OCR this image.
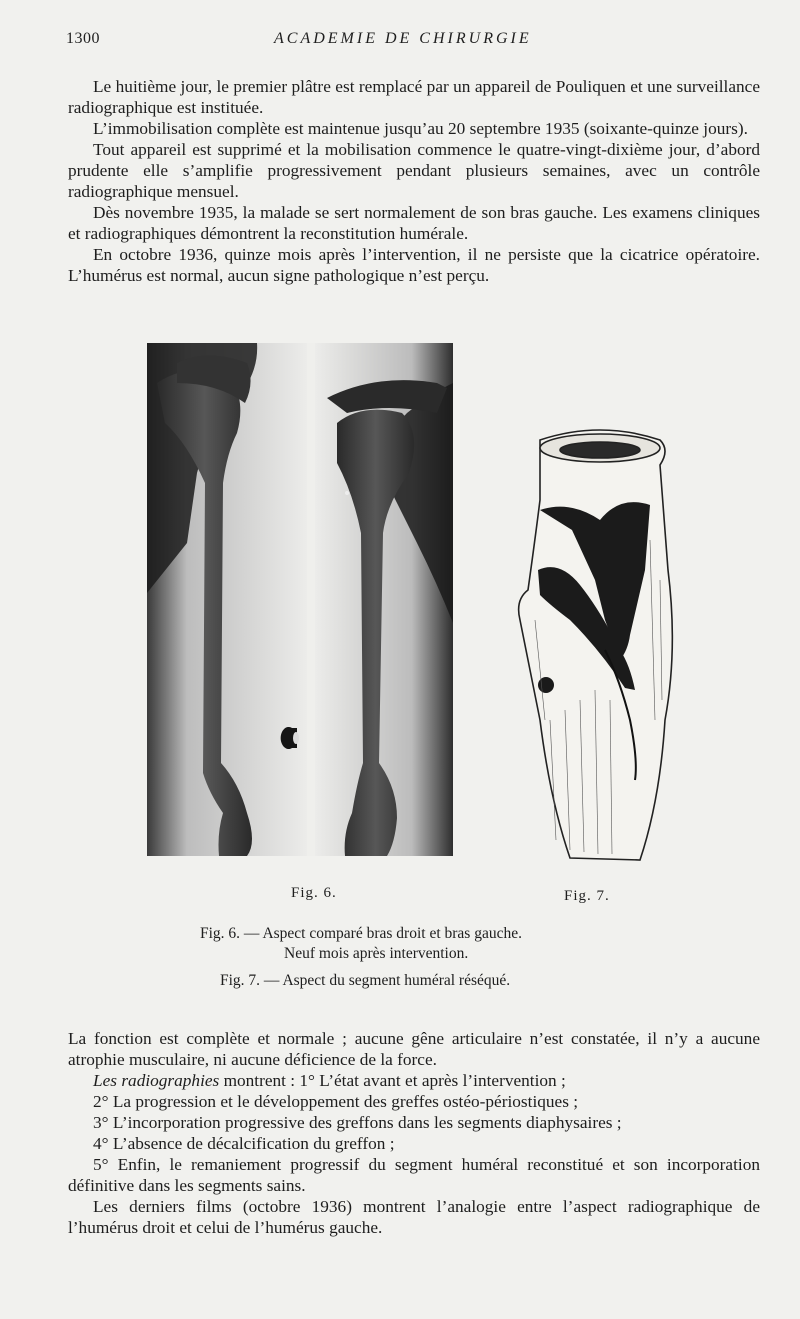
1300	ACADEMIE DE CHIRURGIE

Le huitième jour, le premier plâtre est remplacé par un appareil de Pouliquen et une surveillance radiographique est instituée.

L’immobilisation complète est maintenue jusqu’au 20 septembre 1935 (soixante-quinze jours).

Tout appareil est supprimé et la mobilisation commence le quatre-vingt-dixième jour, d’abord prudente elle s’amplifie progressivement pendant plusieurs semaines, avec un contrôle radiographique mensuel.

Dès novembre 1935, la malade se sert normalement de son bras gauche. Les examens cliniques et radiographiques démontrent la reconstitution humérale.

En octobre 1936, quinze mois après l’intervention, il ne persiste que la cicatrice opératoire. L’humérus est normal, aucun signe pathologique n’est perçu.

Fig. 6.	Fig. 7.
Fig. 6. — Aspect comparé bras droit et bras gauche.
Neuf mois après intervention.
Fig. 7. — Aspect du segment huméral réséqué.

La fonction est complète et normale ; aucune gêne articulaire n’est constatée, il n’y a aucune atrophie musculaire, ni aucune déficience de la force.

Les radiographies montrent : 1° L’état avant et après l’intervention ;

2° La progression et le développement des greffes ostéo-périostiques ;

3° L’incorporation progressive des greffons dans les segments diaphysaires ;

4° L’absence de décalcification du greffon ;

5° Enfin, le remaniement progressif du segment huméral reconstitué et son incorporation définitive dans les segments sains.

Les derniers films (octobre 1936) montrent l’analogie entre l’aspect radiographique de l’humérus droit et celui de l’humérus gauche.
